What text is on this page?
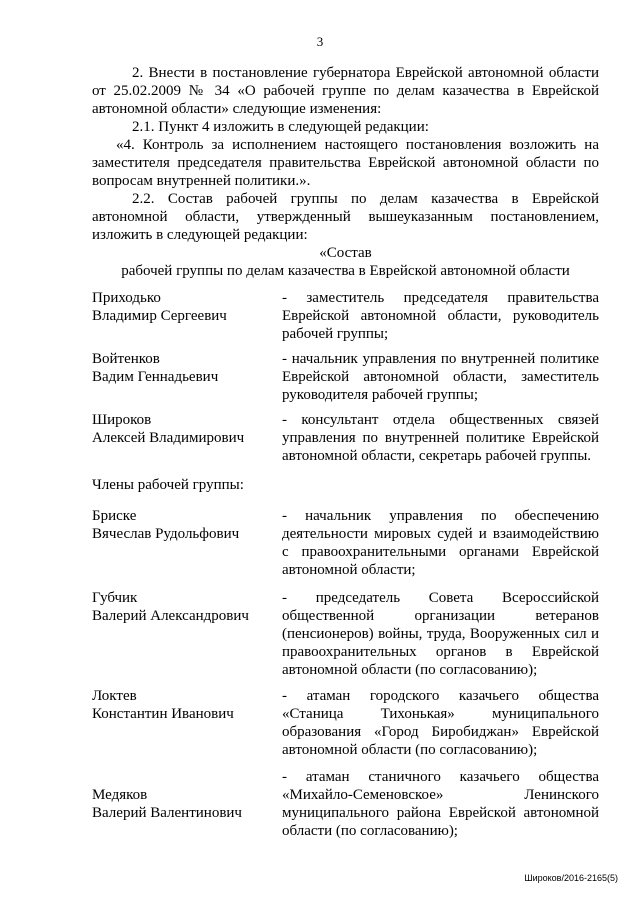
3

2. Внести в постановление губернатора Еврейской автономной области от 25.02.2009 № 34 «О рабочей группе по делам казачества в Еврейской автономной области» следующие изменения:

2.1. Пункт 4 изложить в следующей редакции:

«4. Контроль за исполнением настоящего постановления возложить на заместителя председателя правительства Еврейской автономной области по вопросам внутренней политики.».

2.2. Состав рабочей группы по делам казачества в Еврейской автономной области, утвержденный вышеуказанным постановлением, изложить в следующей редакции:

«Состав

рабочей группы по делам казачества в Еврейской автономной области

Приходько
Владимир Сергеевич
- заместитель председателя правительства Еврейской автономной области, руководитель рабочей группы;
Войтенков
Вадим Геннадьевич
- начальник управления по внутренней политике Еврейской автономной области, заместитель руководителя рабочей группы;
Широков
Алексей Владимирович
- консультант отдела общественных связей управления по внутренней политике Еврейской автономной области, секретарь рабочей группы.
Члены рабочей группы:
Бриске
Вячеслав Рудольфович
- начальник управления по обеспечению деятельности мировых судей и взаимодействию с правоохранительными органами Еврейской автономной области;
Губчик
Валерий Александрович
- председатель Совета Всероссийской общественной организации ветеранов (пенсионеров) войны, труда, Вооруженных сил и правоохранительных органов в Еврейской автономной области (по согласованию);
Локтев
Константин Иванович
- атаман городского казачьего общества «Станица Тихонькая» муниципального образования «Город Биробиджан» Еврейской автономной области (по согласованию);
Медяков
Валерий Валентинович
- атаман станичного казачьего общества «Михайло-Семеновское» Ленинского муниципального района Еврейской автономной области (по согласованию);
Широков/2016-2165(5)
